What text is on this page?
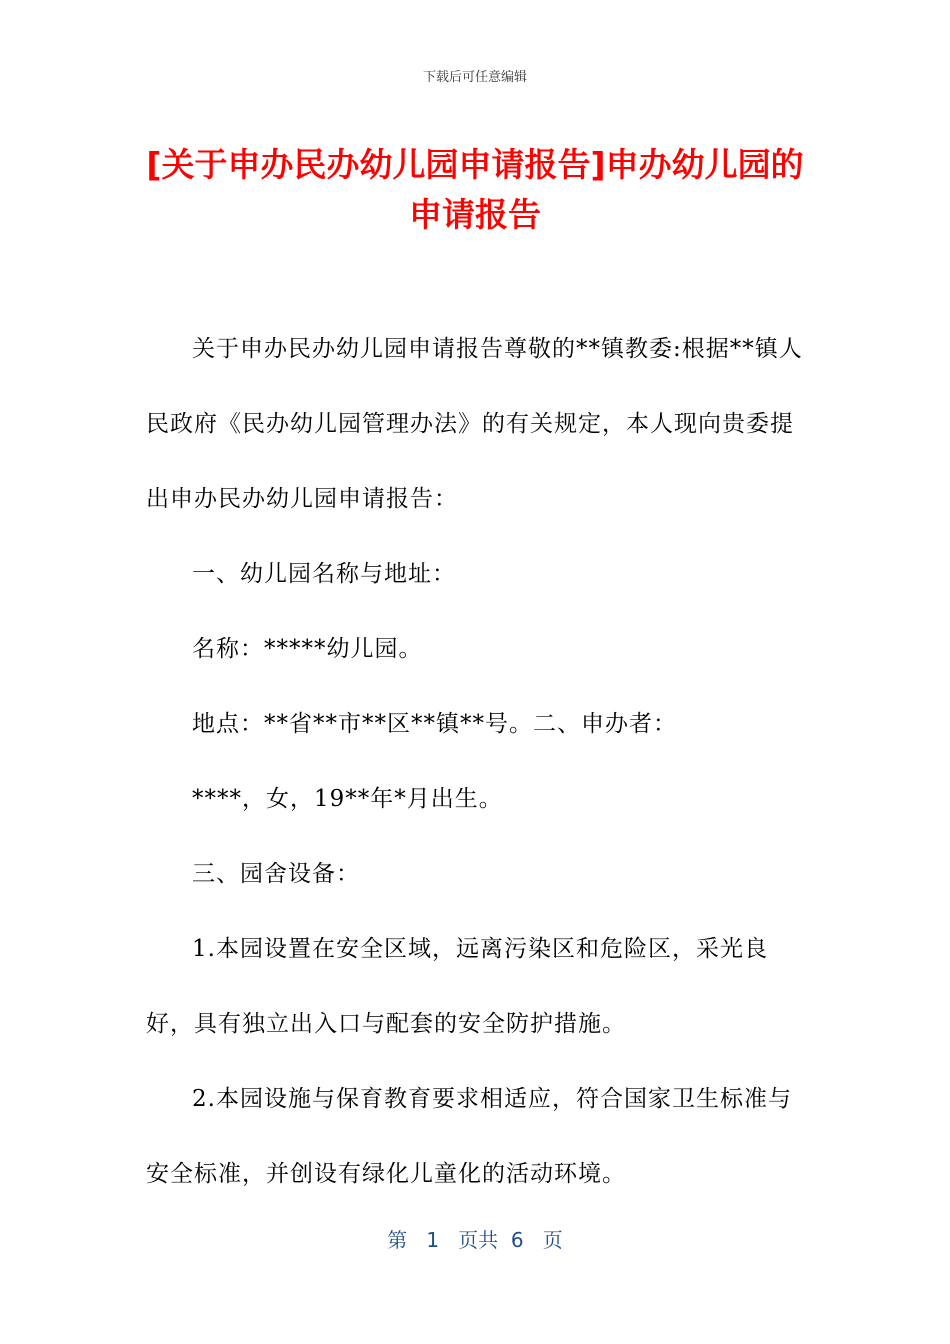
下载后可任意编辑
[关于申办民办幼儿园申请报告]申办幼儿园的申请报告

关于申办民办幼儿园申请报告尊敬的**镇教委:根据**镇人民政府《民办幼儿园管理办法》的有关规定，本人现向贵委提出申办民办幼儿园申请报告：

一、幼儿园名称与地址：

名称：*****幼儿园。

地点：**省**市**区**镇**号。二、申办者：

****，女，19**年*月出生。

三、园舍设备：

1.本园设置在安全区域，远离污染区和危险区，采光良好，具有独立出入口与配套的安全防护措施。

2.本园设施与保育教育要求相适应，符合国家卫生标准与安全标准，并创设有绿化儿童化的活动环境。

第 1 页共 6 页
